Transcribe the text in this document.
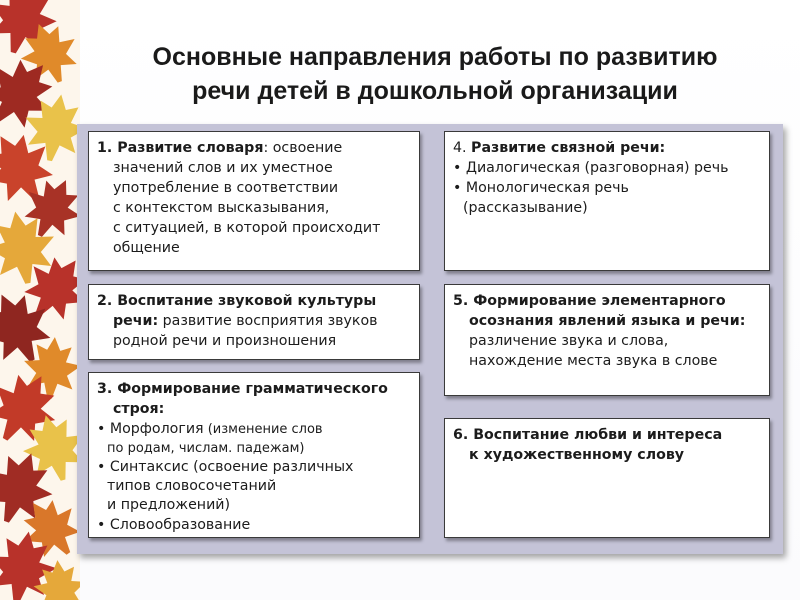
Основные направления работы по развитию
речи детей в дошкольной организации
1. Развитие словаря: освоение
значений слов и их уместное
употребление в соответствии
с контекстом высказывания,
с ситуацией, в которой происходит
общение
2. Воспитание звуковой культуры
речи: развитие восприятия звуков
родной речи и произношения
3. Формирование грамматического
строя:
• Морфология (изменение слов
по родам, числам. падежам)
• Синтаксис (освоение различных
типов словосочетаний
и предложений)
• Словообразование
4. Развитие связной речи:
• Диалогическая (разговорная) речь
• Монологическая речь
(рассказывание)
5. Формирование элементарного
осознания явлений языка и речи:
различение звука и слова,
нахождение места звука в слове
6. Воспитание любви и интереса
к художественному слову
